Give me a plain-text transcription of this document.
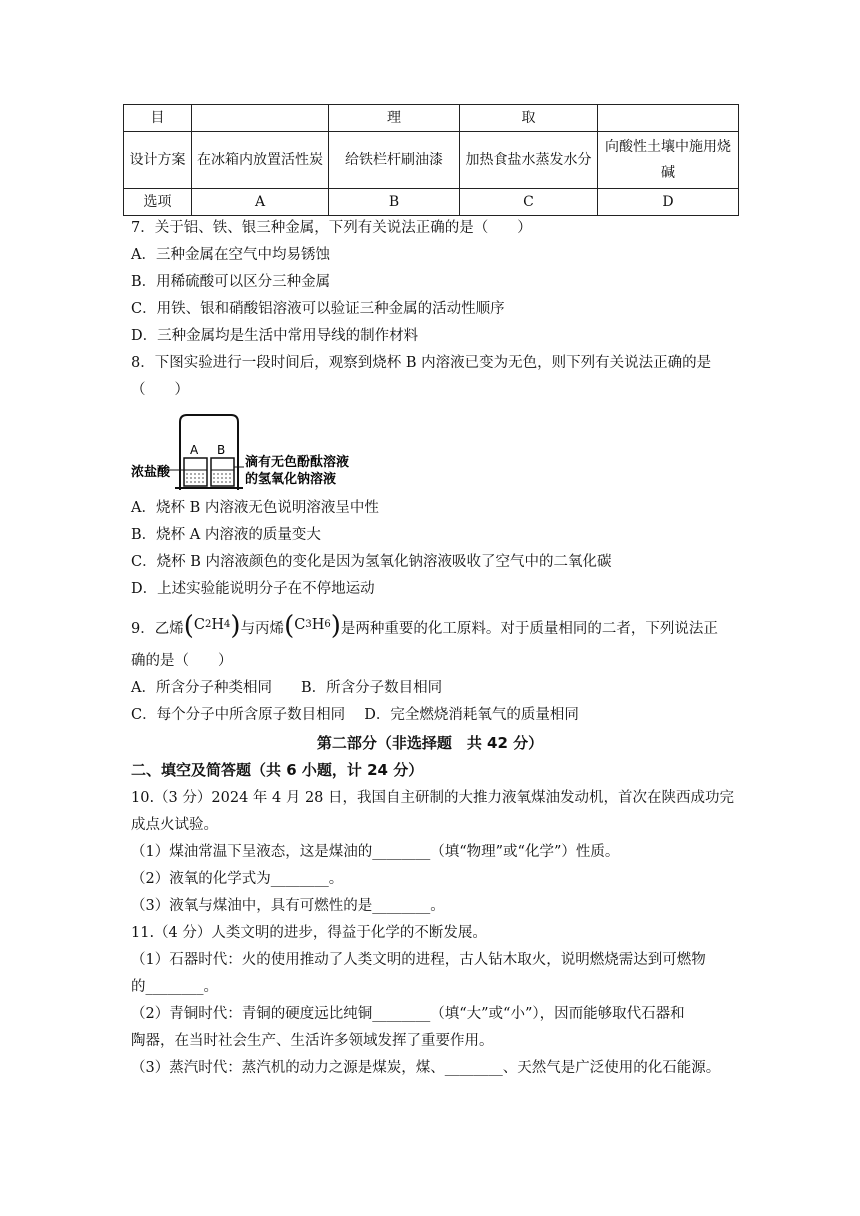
目		理	取	
设计方案	在冰箱内放置活性炭	给铁栏杆刷油漆	加热食盐水蒸发水分	向酸性土壤中施用烧碱
选项	A	B	C	D
7．关于铝、铁、银三种金属，下列有关说法正确的是（　　）
A．三种金属在空气中均易锈蚀
B．用稀硫酸可以区分三种金属
C．用铁、银和硝酸铝溶液可以验证三种金属的活动性顺序
D．三种金属均是生活中常用导线的制作材料
8．下图实验进行一段时间后，观察到烧杯 B 内溶液已变为无色，则下列有关说法正确的是
（　　）
A B
浓盐酸
滴有无色酚酞溶液
的氢氧化钠溶液
A．烧杯 B 内溶液无色说明溶液呈中性
B．烧杯 A 内溶液的质量变大
C．烧杯 B 内溶液颜色的变化是因为氢氧化钠溶液吸收了空气中的二氧化碳
D．上述实验能说明分子在不停地运动
9．乙烯 ( C 2 H 4 ) 与丙烯 ( C 3 H 6 ) 是两种重要的化工原料。对于质量相同的二者，下列说法正
确的是（　　）
A．所含分子种类相同　　B．所含分子数目相同
C．每个分子中所含原子数目相同　 D．完全燃烧消耗氧气的质量相同
第二部分（非选择题　共 42 分）
二、填空及简答题（共 6 小题，计 24 分）
10.（3 分）2024 年 4 月 28 日，我国自主研制的大推力液氧煤油发动机，首次在陕西成功完
成点火试验。
（1）煤油常温下呈液态，这是煤油的________（填“物理”或“化学”）性质。
（2）液氧的化学式为________。
（3）液氧与煤油中，具有可燃性的是________。
11.（4 分）人类文明的进步，得益于化学的不断发展。
（1）石器时代：火的使用推动了人类文明的进程，古人钻木取火，说明燃烧需达到可燃物
的________。
（2）青铜时代：青铜的硬度远比纯铜________（填“大”或“小”），因而能够取代石器和
陶器，在当时社会生产、生活许多领域发挥了重要作用。
（3）蒸汽时代：蒸汽机的动力之源是煤炭，煤、________、天然气是广泛使用的化石能源。
